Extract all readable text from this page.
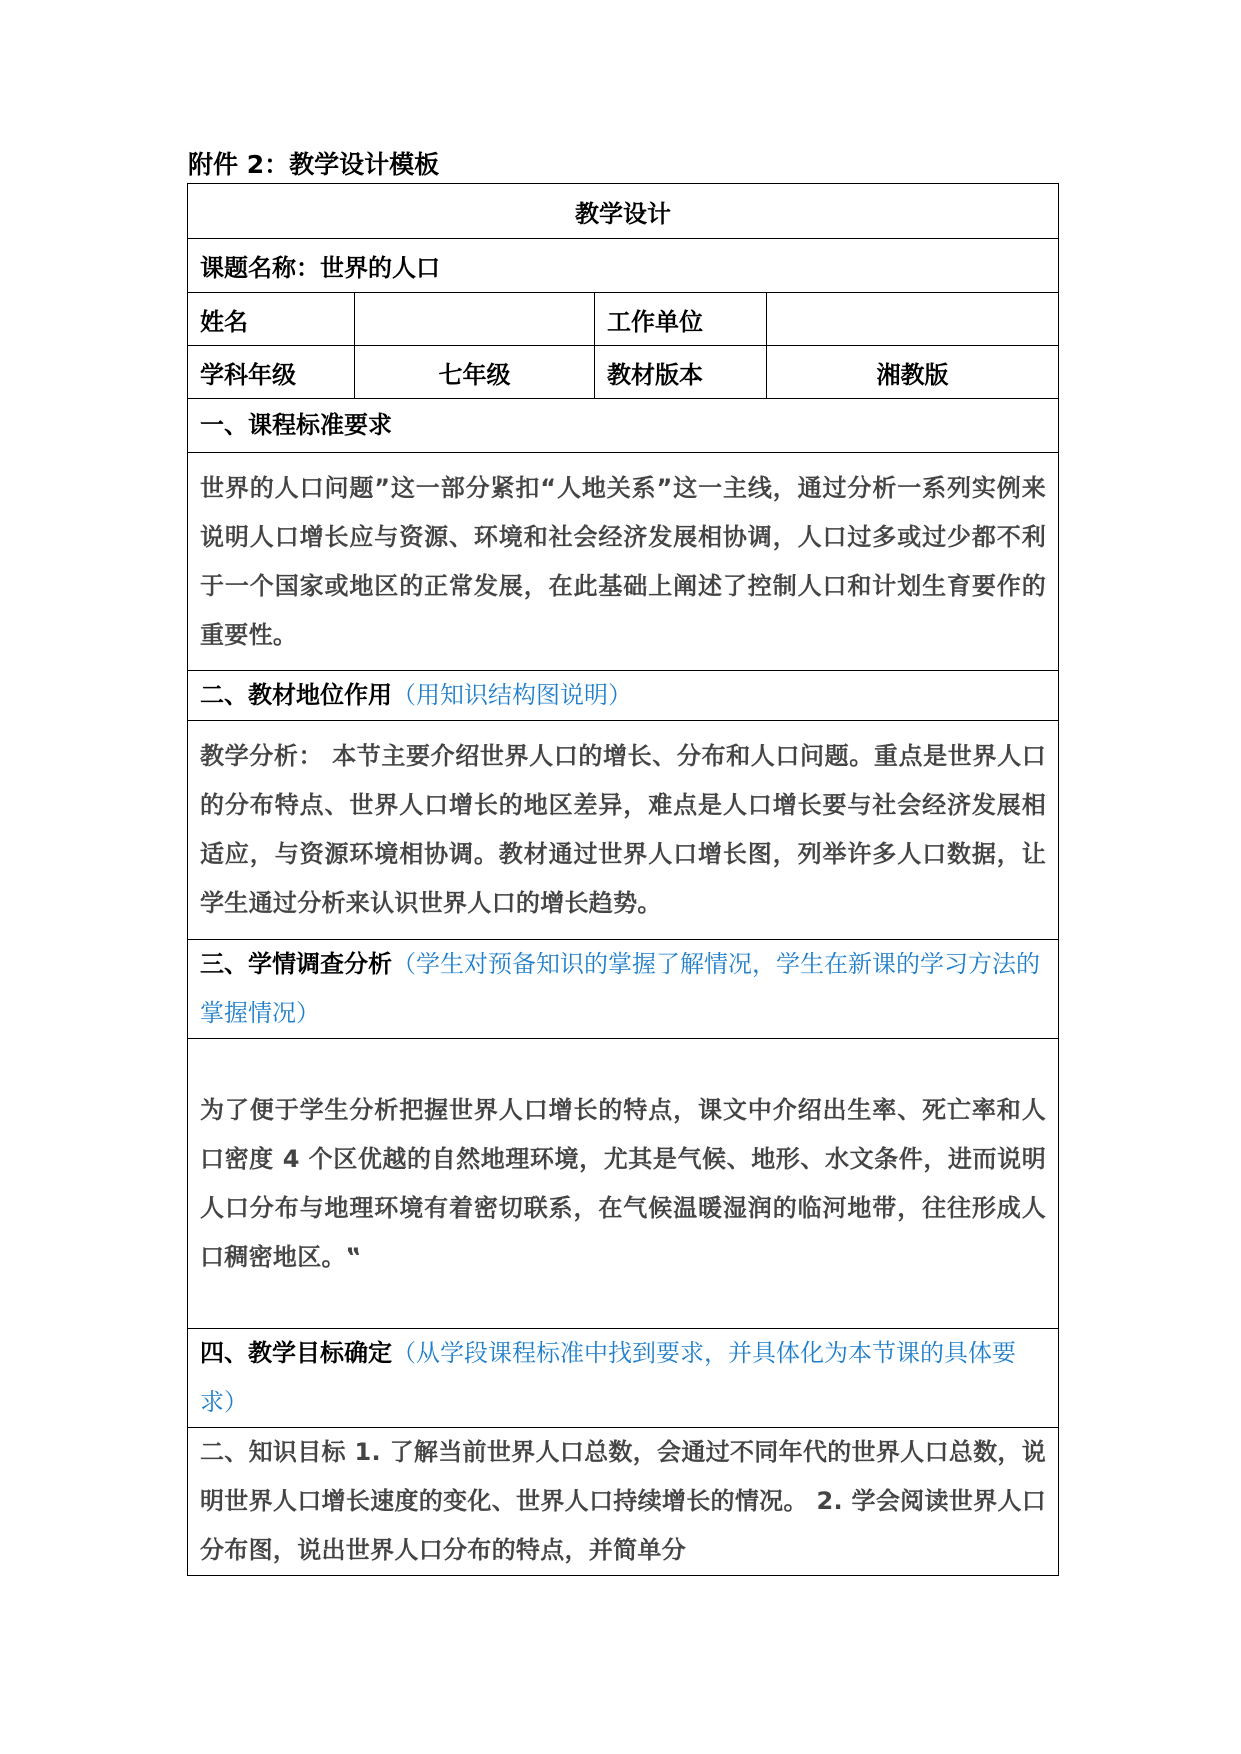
附件 2：教学设计模板
教学设计			
课题名称：世界的人口			
姓名		工作单位	
学科年级	七年级	教材版本	湘教版
一、课程标准要求			
世界的人口问题”这一部分紧扣“人地关系”这一主线，通过分析一系列实例来说明人口增长应与资源、环境和社会经济发展相协调，人口过多或过少都不利于一个国家或地区的正常发展，在此基础上阐述了控制人口和计划生育要作的重要性。			
二、教材地位作用（用知识结构图说明）			
教学分析： 本节主要介绍世界人口的增长、分布和人口问题。重点是世界人口的分布特点、世界人口增长的地区差异，难点是人口增长要与社会经济发展相适应，与资源环境相协调。教材通过世界人口增长图，列举许多人口数据，让学生通过分析来认识世界人口的增长趋势。			
三、学情调查分析（学生对预备知识的掌握了解情况，学生在新课的学习方法的掌握情况）			
为了便于学生分析把握世界人口增长的特点，课文中介绍出生率、死亡率和人口密度 4 个区优越的自然地理环境，尤其是气候、地形、水文条件，进而说明人口分布与地理环境有着密切联系，在气候温暖湿润的临河地带，往往形成人口稠密地区。‟			
四、教学目标确定（从学段课程标准中找到要求，并具体化为本节课的具体要求）			
二、知识目标 1. 了解当前世界人口总数，会通过不同年代的世界人口总数，说明世界人口增长速度的变化、世界人口持续增长的情况。 2. 学会阅读世界人口分布图，说出世界人口分布的特点，并简单分			
